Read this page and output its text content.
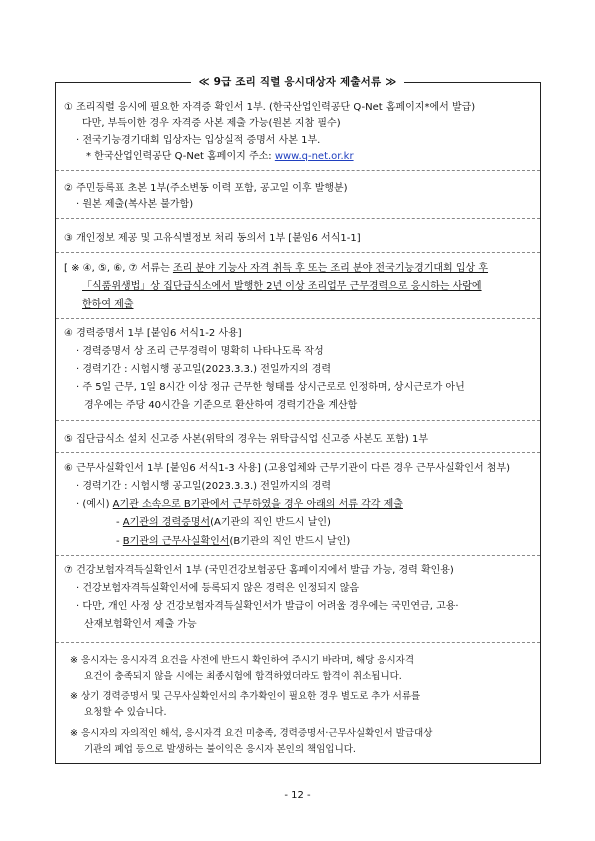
≪ 9급 조리 직렬 응시대상자 제출서류 ≫
① 조리직렬 응시에 필요한 자격증 확인서 1부. (한국산업인력공단 Q-Net 홈페이지*에서 발급)
다만, 부득이한 경우 자격증 사본 제출 가능(원본 지참 필수)
· 전국기능경기대회 입상자는 입상실적 증명서 사본 1부.
* 한국산업인력공단 Q-Net 홈페이지 주소: www.q-net.or.kr
② 주민등록표 초본 1부(주소변동 이력 포함, 공고일 이후 발행분)
· 원본 제출(복사본 불가함)
③ 개인정보 제공 및 고유식별정보 처리 동의서 1부 [붙임6 서식1-1]
[ ※ ④, ⑤, ⑥, ⑦ 서류는 조리 분야 기능사 자격 취득 후 또는 조리 분야 전국기능경기대회 입상 후
「식품위생법」상 집단급식소에서 발행한 2년 이상 조리업무 근무경력으로 응시하는 사람에
한하여 제출
④ 경력증명서 1부 [붙임6 서식1-2 사용]
· 경력증명서 상 조리 근무경력이 명확히 나타나도록 작성
· 경력기간 : 시험시행 공고일(2023.3.3.) 전일까지의 경력
· 주 5일 근무, 1일 8시간 이상 정규 근무한 형태를 상시근로로 인정하며, 상시근로가 아닌
경우에는 주당 40시간을 기준으로 환산하여 경력기간을 계산함
⑤ 집단급식소 설치 신고증 사본(위탁의 경우는 위탁급식업 신고증 사본도 포함) 1부
⑥ 근무사실확인서 1부 [붙임6 서식1-3 사용] (고용업체와 근무기관이 다른 경우 근무사실확인서 첨부)
· 경력기간 : 시험시행 공고일(2023.3.3.) 전일까지의 경력
· (예시) A기관 소속으로 B기관에서 근무하였을 경우 아래의 서류 각각 제출
- A기관의 경력증명서(A기관의 직인 반드시 날인)
- B기관의 근무사실확인서(B기관의 직인 반드시 날인)
⑦ 건강보험자격득실확인서 1부 (국민건강보험공단 홈페이지에서 발급 가능, 경력 확인용)
· 건강보험자격득실확인서에 등록되지 않은 경력은 인정되지 않음
· 다만, 개인 사정 상 건강보험자격득실확인서가 발급이 어려울 경우에는 국민연금, 고용·
산재보험확인서 제출 가능
※ 응시자는 응시자격 요건을 사전에 반드시 확인하여 주시기 바라며, 해당 응시자격
요건이 충족되지 않을 시에는 최종시험에 합격하였더라도 합격이 취소됩니다.
※ 상기 경력증명서 및 근무사실확인서의 추가확인이 필요한 경우 별도로 추가 서류를
요청할 수 있습니다.
※ 응시자의 자의적인 해석, 응시자격 요건 미충족, 경력증명서·근무사실확인서 발급대상
기관의 폐업 등으로 발생하는 불이익은 응시자 본인의 책임입니다.
- 12 -
